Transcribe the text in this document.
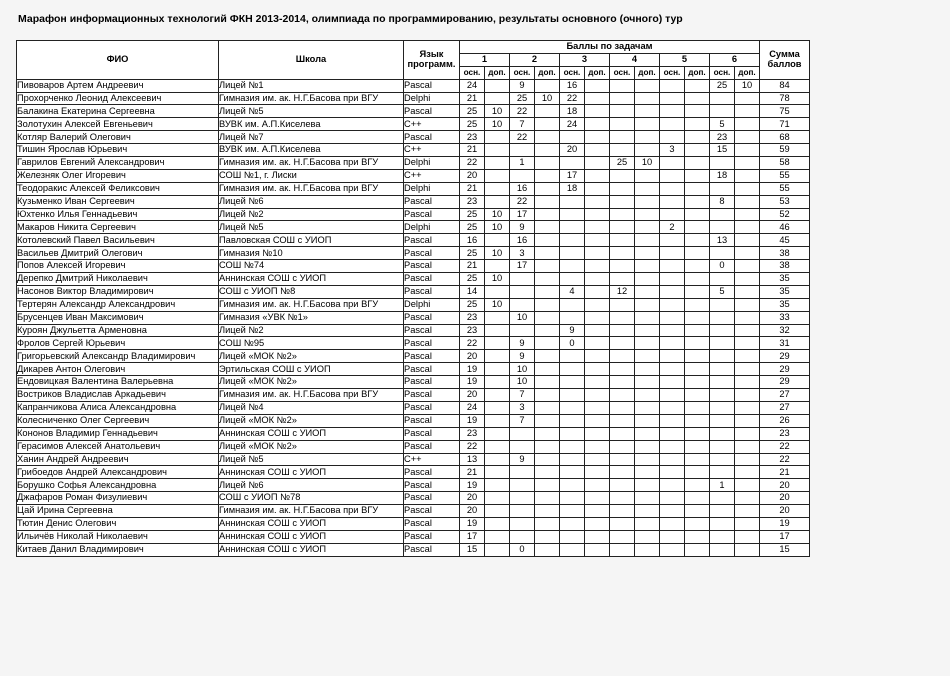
Марафон информационных технологий ФКН 2013-2014, олимпиада по программированию, результаты основного (очного) тур
ФИО	Школа	Язык программ.	Баллы по задачам												Сумма баллов
			1		2		3		4		5		6		
			осн.	доп.	осн.	доп.	осн.	доп.	осн.	доп.	осн.	доп.	осн.	доп.	
Пивоваров Артем Андреевич	Лицей №1	Pascal	24		9		16						25	10	84
Прохорченко Леонид Алексеевич	Гимназия им. ак. Н.Г.Басова при ВГУ	Delphi	21		25	10	22								78
Балакина Екатерина Сергеевна	Лицей №5	Pascal	25	10	22		18								75
Золотухин Алексей Евгеньевич	ВУВК им. А.П.Киселева	C++	25	10	7		24						5		71
Котляр Валерий Олегович	Лицей №7	Pascal	23		22								23		68
Тишин Ярослав Юрьевич	ВУВК им. А.П.Киселева	C++	21				20				3		15		59
Гаврилов Евгений Александрович	Гимназия им. ак. Н.Г.Басова при ВГУ	Delphi	22		1				25	10					58
Железняк Олег Игоревич	СОШ №1, г. Лиски	C++	20				17						18		55
Теодоракис Алексей Феликсович	Гимназия им. ак. Н.Г.Басова при ВГУ	Delphi	21		16		18								55
Кузьменко Иван Сергеевич	Лицей №6	Pascal	23		22								8		53
Юхтенко Илья Геннадьевич	Лицей №2	Pascal	25	10	17										52
Макаров Никита Сергеевич	Лицей №5	Delphi	25	10	9						2				46
Котолевский Павел Васильевич	Павловская СОШ с УИОП	Pascal	16		16								13		45
Васильев Дмитрий Олегович	Гимназия №10	Pascal	25	10	3										38
Попов Алексей Игоревич	СОШ №74	Pascal	21		17								0		38
Дерепко Дмитрий Николаевич	Аннинская СОШ с УИОП	Pascal	25	10											35
Насонов Виктор Владимирович	СОШ с УИОП №8	Pascal	14				4		12				5		35
Тертерян Александр Александрович	Гимназия им. ак. Н.Г.Басова при ВГУ	Delphi	25	10											35
Брусенцев Иван Максимович	Гимназия «УВК №1»	Pascal	23		10										33
Куроян Джульетта Арменовна	Лицей №2	Pascal	23				9								32
Фролов Сергей Юрьевич	СОШ №95	Pascal	22		9		0								31
Григорьевский Александр Владимирович	Лицей «МОК №2»	Pascal	20		9										29
Дикарев Антон Олегович	Эртильская СОШ с УИОП	Pascal	19		10										29
Ендовицкая Валентина Валерьевна	Лицей «МОК №2»	Pascal	19		10										29
Востриков Владислав Аркадьевич	Гимназия им. ак. Н.Г.Басова при ВГУ	Pascal	20		7										27
Капранчикова Алиса Александровна	Лицей №4	Pascal	24		3										27
Колесниченко Олег Сергеевич	Лицей «МОК №2»	Pascal	19		7										26
Кононов Владимир Геннадьевич	Аннинская СОШ с УИОП	Pascal	23												23
Герасимов Алексей Анатольевич	Лицей «МОК №2»	Pascal	22												22
Ханин Андрей Андреевич	Лицей №5	C++	13		9										22
Грибоедов Андрей Александрович	Аннинская СОШ с УИОП	Pascal	21												21
Борушко Софья Александровна	Лицей №6	Pascal	19										1		20
Джафаров Роман Физулиевич	СОШ с УИОП №78	Pascal	20												20
Цай Ирина Сергеевна	Гимназия им. ак. Н.Г.Басова при ВГУ	Pascal	20												20
Тютин Денис Олегович	Аннинская СОШ с УИОП	Pascal	19												19
Ильичёв Николай Николаевич	Аннинская СОШ с УИОП	Pascal	17												17
Китаев Данил Владимирович	Аннинская СОШ с УИОП	Pascal	15		0										15
